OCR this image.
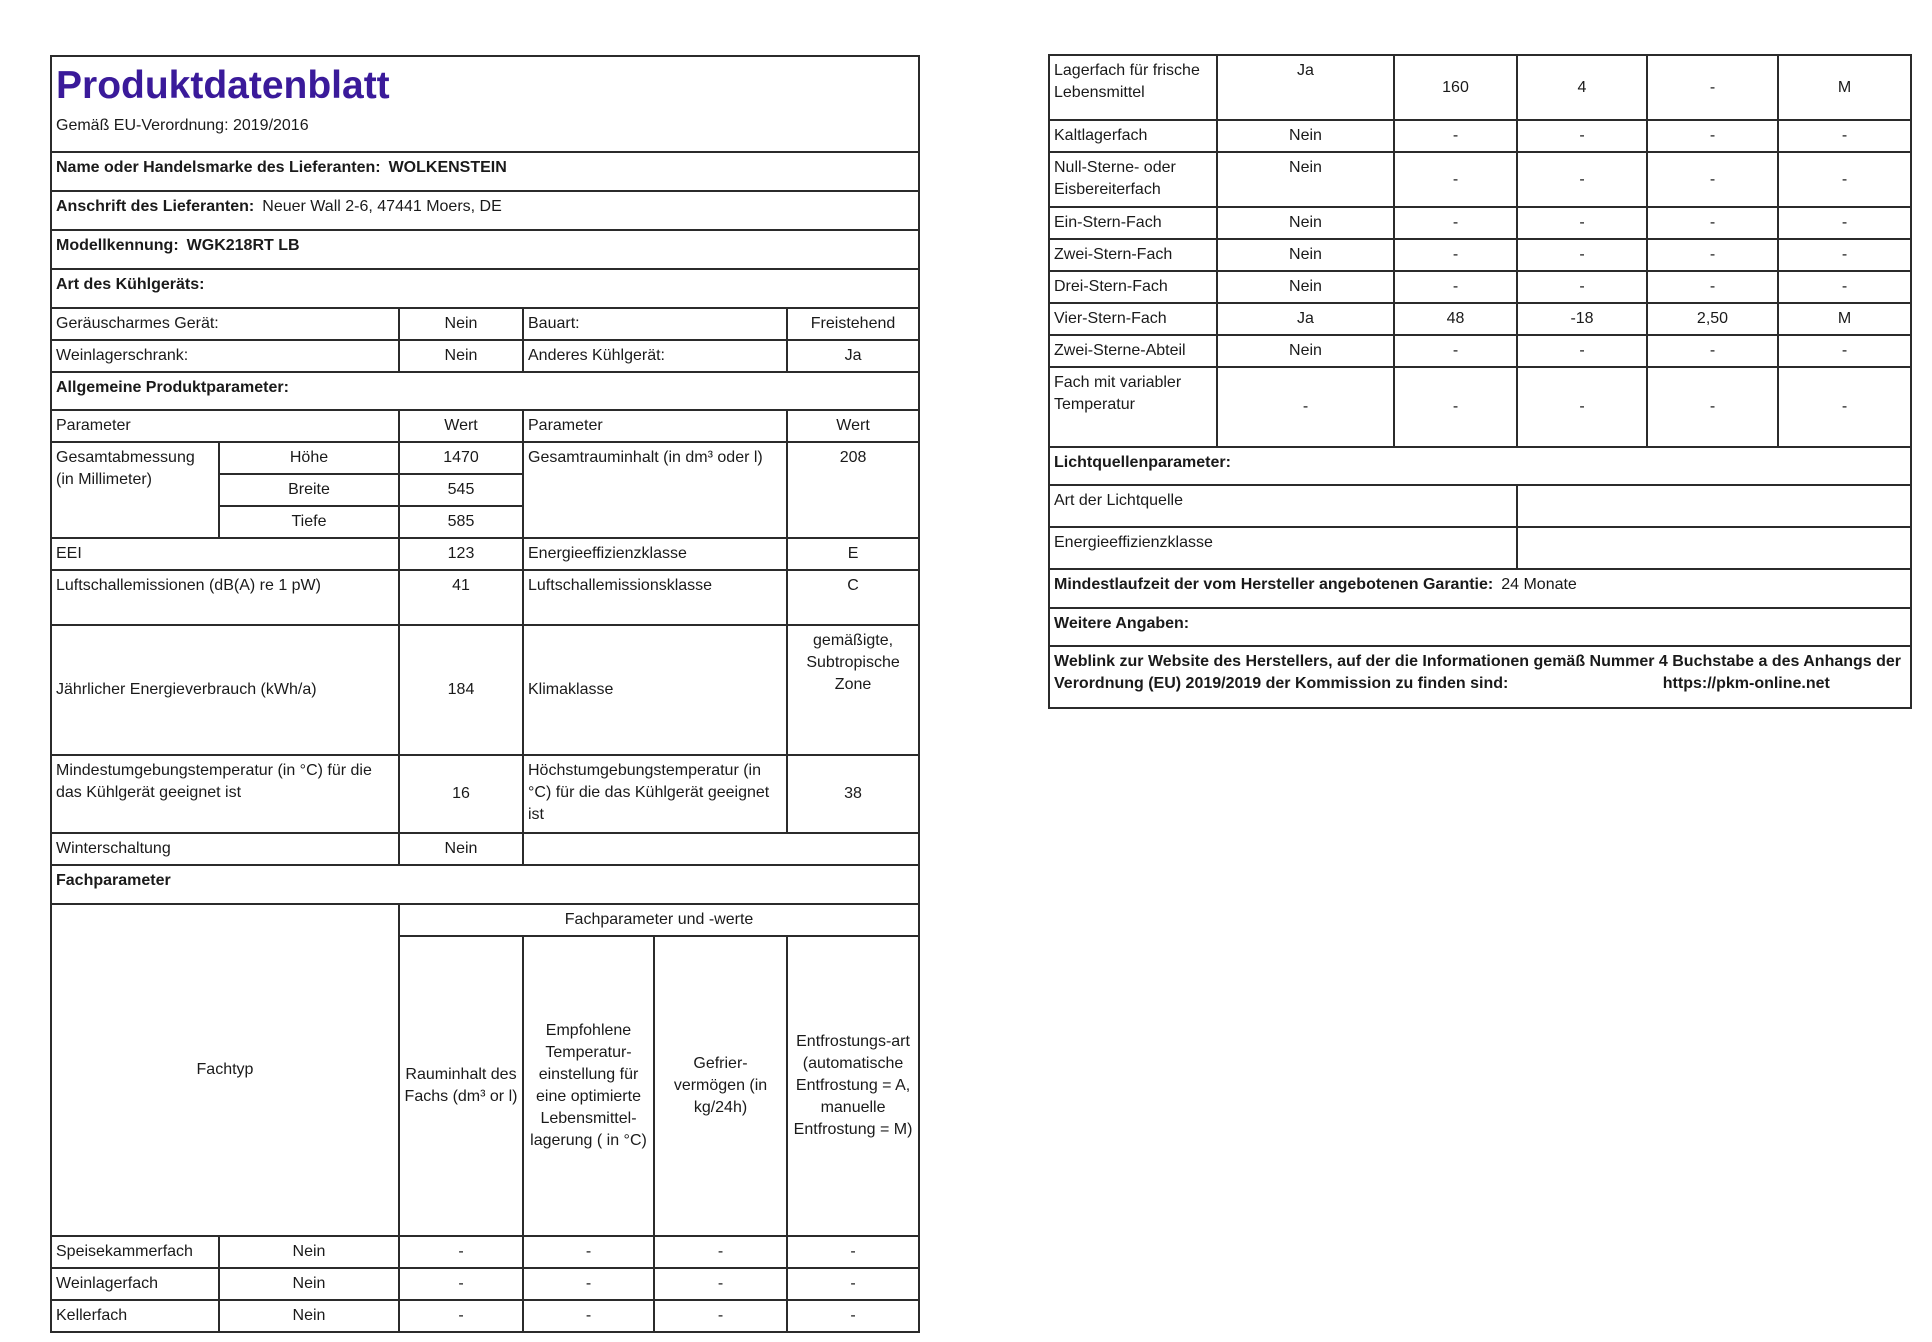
Produktdatenblatt
Gemäß EU-Verordnung: 2019/2016					

Name oder Handelsmarke des Lieferanten: WOLKENSTEIN					
Anschrift des Lieferanten: Neuer Wall 2-6, 47441 Moers, DE					
Modellkennung: WGK218RT LB					
Art des Kühlgeräts:					
Geräuscharmes Gerät:		Nein	Bauart:		Freistehend
Weinlagerschrank:		Nein	Anderes Kühlgerät:		Ja
Allgemeine Produktparameter:					
Parameter		Wert	Parameter		Wert
Gesamtabmessung (in Millimeter)	Höhe	1470	Gesamtrauminhalt (in dm³ oder l)		208
	Breite	545			
	Tiefe	585			
EEI		123	Energieeffizienzklasse		E
Luftschallemissionen (dB(A) re 1 pW)		41	Luftschallemissionsklasse		C
Jährlicher Energieverbrauch (kWh/a)		184	Klimaklasse		gemäßigte, Subtropische Zone
Mindestumgebungstemperatur (in °C) für die das Kühlgerät geeignet ist		16	Höchstumgebungstemperatur (in °C) für die das Kühlgerät geeignet ist		38
Winterschaltung		Nein			
Fachparameter					
Fachtyp		Fachparameter und -werte			
		Rauminhalt des Fachs (dm³ or l)	Empfohlene Temperatur-einstellung für eine optimierte Lebensmittel-lagerung ( in °C)	Gefrier-vermögen (in kg/24h)	Entfrostungs-art (automatische Entfrostung = A, manuelle Entfrostung = M)
Speisekammerfach	Nein	-	-	-	-
Weinlagerfach	Nein	-	-	-	-
Kellerfach	Nein	-	-	-	-
Lagerfach für frische Lebensmittel	Ja	160	4	-	M
Kaltlagerfach	Nein	-	-	-	-
Null-Sterne- oder Eisbereiterfach	Nein	-	-	-	-
Ein-Stern-Fach	Nein	-	-	-	-
Zwei-Stern-Fach	Nein	-	-	-	-
Drei-Stern-Fach	Nein	-	-	-	-
Vier-Stern-Fach	Ja	48	-18	2,50	M
Zwei-Sterne-Abteil	Nein	-	-	-	-
Fach mit variabler Temperatur	-	-	-	-	-
Lichtquellenparameter:					
Art der Lichtquelle					
Energieeffizienzklasse					
Mindestlaufzeit der vom Hersteller angebotenen Garantie: 24 Monate					
Weitere Angaben:					
Weblink zur Website des Herstellers, auf der die Informationen gemäß Nummer 4 Buchstabe a des Anhangs der Verordnung (EU) 2019/2019 der Kommission zu finden sind: https://pkm-online.net					
